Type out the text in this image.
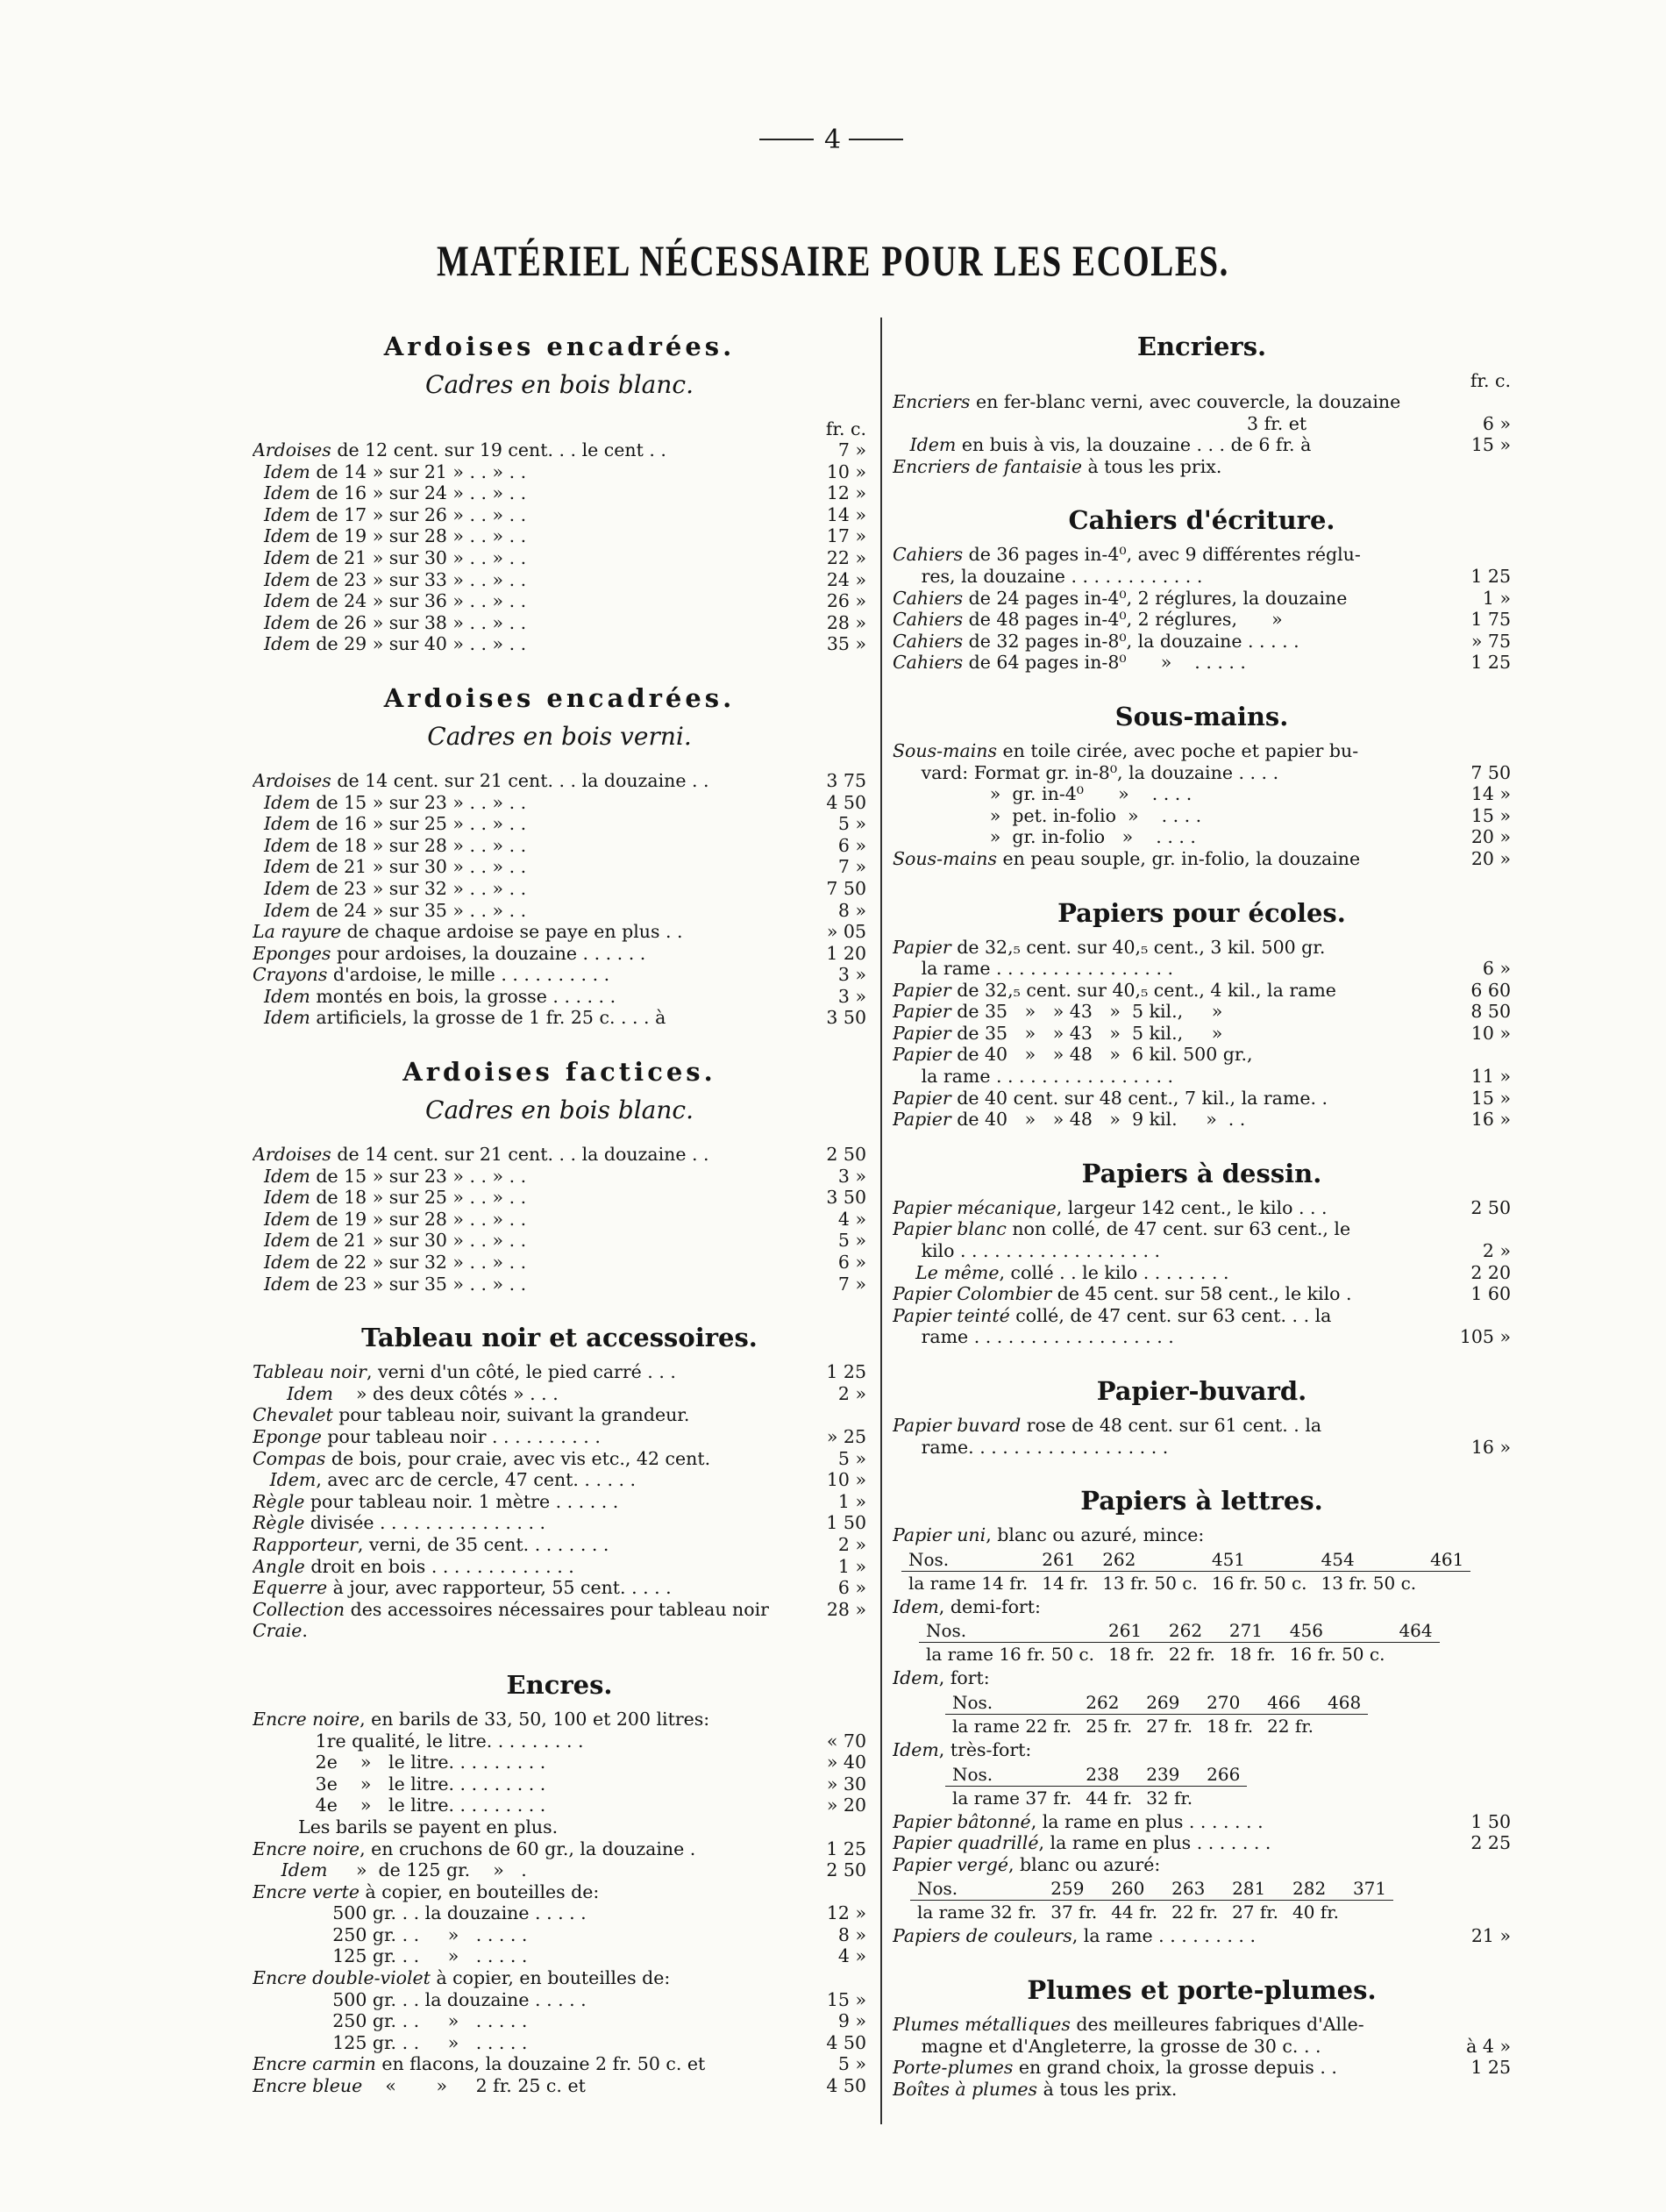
4
MATÉRIEL NÉCESSAIRE POUR LES ECOLES.
Ardoises encadrées.
Cadres en bois blanc.
fr. c.
Ardoises de 12 cent. sur 19 cent. . . le cent . .	7 »
Idem de 14 » sur 21 » . . » . .	10 »
Idem de 16 » sur 24 » . . » . .	12 »
Idem de 17 » sur 26 » . . » . .	14 »
Idem de 19 » sur 28 » . . » . .	17 »
Idem de 21 » sur 30 » . . » . .	22 »
Idem de 23 » sur 33 » . . » . .	24 »
Idem de 24 » sur 36 » . . » . .	26 »
Idem de 26 » sur 38 » . . » . .	28 »
Idem de 29 » sur 40 » . . » . .	35 »
Ardoises encadrées.
Cadres en bois verni.
Ardoises de 14 cent. sur 21 cent. . . la douzaine . .	3 75
Idem de 15 » sur 23 » . . » . .	4 50
Idem de 16 » sur 25 » . . » . .	5 »
Idem de 18 » sur 28 » . . » . .	6 »
Idem de 21 » sur 30 » . . » . .	7 »
Idem de 23 » sur 32 » . . » . .	7 50
Idem de 24 » sur 35 » . . » . .	8 »
La rayure de chaque ardoise se paye en plus . .	» 05
Eponges pour ardoises, la douzaine . . . . . .	1 20
Crayons d'ardoise, le mille . . . . . . . . . .	3 »
Idem montés en bois, la grosse . . . . . .	3 »
Idem artificiels, la grosse de 1 fr. 25 c. . . . à	3 50
Ardoises factices.
Cadres en bois blanc.
Ardoises de 14 cent. sur 21 cent. . . la douzaine . .	2 50
Idem de 15 » sur 23 » . . » . .	3 »
Idem de 18 » sur 25 » . . » . .	3 50
Idem de 19 » sur 28 » . . » . .	4 »
Idem de 21 » sur 30 » . . » . .	5 »
Idem de 22 » sur 32 » . . » . .	6 »
Idem de 23 » sur 35 » . . » . .	7 »
Tableau noir et accessoires.
Tableau noir, verni d'un côté, le pied carré . . .	1 25
Idem    » des deux côtés » . . .	2 »
Chevalet pour tableau noir, suivant la grandeur.
Eponge pour tableau noir . . . . . . . . . .	» 25
Compas de bois, pour craie, avec vis etc., 42 cent.	5 »
Idem, avec arc de cercle, 47 cent. . . . . .	10 »
Règle pour tableau noir. 1 mètre . . . . . .	1 »
Règle divisée . . . . . . . . . . . . . . .	1 50
Rapporteur, verni, de 35 cent. . . . . . . .	2 »
Angle droit en bois . . . . . . . . . . . . .	1 »
Equerre à jour, avec rapporteur, 55 cent. . . . .	6 »
Collection des accessoires nécessaires pour tableau noir	28 »
Craie.
Encres.
Encre noire, en barils de 33, 50, 100 et 200 litres:
1re qualité, le litre. . . . . . . . .	« 70
2e    »   le litre. . . . . . . . .	» 40
3e    »   le litre. . . . . . . . .	» 30
4e    »   le litre. . . . . . . . .	» 20
Les barils se payent en plus.
Encre noire, en cruchons de 60 gr., la douzaine .	1 25
Idem     »  de 125 gr.    »   .	2 50
Encre verte à copier, en bouteilles de:
500 gr. . . la douzaine . . . . .	12 »
250 gr. . .     »   . . . . .	8 »
125 gr. . .     »   . . . . .	4 »
Encre double-violet à copier, en bouteilles de:
500 gr. . . la douzaine . . . . .	15 »
250 gr. . .     »   . . . . .	9 »
125 gr. . .     »   . . . . .	4 50
Encre carmin en flacons, la douzaine 2 fr. 50 c. et	5 »
Encre bleue    «       »     2 fr. 25 c. et	4 50
Encriers.
fr. c.
Encriers en fer-blanc verni, avec couvercle, la douzaine
3 fr. et	6 »
Idem en buis à vis, la douzaine . . . de 6 fr. à	15 »
Encriers de fantaisie à tous les prix.
Cahiers d'écriture.
Cahiers de 36 pages in-4⁰, avec 9 différentes réglu-
res, la douzaine . . . . . . . . . . . .	1 25
Cahiers de 24 pages in-4⁰, 2 réglures, la douzaine	1 »
Cahiers de 48 pages in-4⁰, 2 réglures,      »	1 75
Cahiers de 32 pages in-8⁰, la douzaine . . . . .	» 75
Cahiers de 64 pages in-8⁰      »    . . . . .	1 25
Sous-mains.
Sous-mains en toile cirée, avec poche et papier bu-
vard: Format gr. in-8⁰, la douzaine . . . .	7 50
»  gr. in-4⁰      »    . . . .	14 »
»  pet. in-folio  »    . . . .	15 »
»  gr. in-folio   »    . . . .	20 »
Sous-mains en peau souple, gr. in-folio, la douzaine	20 »
Papiers pour écoles.
Papier de 32,₅ cent. sur 40,₅ cent., 3 kil. 500 gr.
la rame . . . . . . . . . . . . . . . .	6 »
Papier de 32,₅ cent. sur 40,₅ cent., 4 kil., la rame	6 60
Papier de 35   »   » 43   »  5 kil.,     »	8 50
Papier de 35   »   » 43   »  5 kil.,     »	10 »
Papier de 40   »   » 48   »  6 kil. 500 gr.,
la rame . . . . . . . . . . . . . . . .	11 »
Papier de 40 cent. sur 48 cent., 7 kil., la rame. .	15 »
Papier de 40   »   » 48   »  9 kil.     »  . .	16 »
Papiers à dessin.
Papier mécanique, largeur 142 cent., le kilo . . .	2 50
Papier blanc non collé, de 47 cent. sur 63 cent., le
kilo . . . . . . . . . . . . . . . . . .	2 »
Le même, collé . . le kilo . . . . . . . .	2 20
Papier Colombier de 45 cent. sur 58 cent., le kilo .	1 60
Papier teinté collé, de 47 cent. sur 63 cent. . . la
rame . . . . . . . . . . . . . . . . . .	105 »
Papier-buvard.
Papier buvard rose de 48 cent. sur 61 cent. . la
rame. . . . . . . . . . . . . . . . . .	16 »
Papiers à lettres.
Papier uni, blanc ou azuré, mince:
Nos.	261	262	451	454	461
la rame 14 fr.	14 fr.	13 fr. 50 c.	16 fr. 50 c.	13 fr. 50 c.	
Idem, demi-fort:
Nos.	261	262	271	456	464
la rame 16 fr. 50 c.	18 fr.	22 fr.	18 fr.	16 fr. 50 c.	
Idem, fort:
Nos.	262	269	270	466	468
la rame 22 fr.	25 fr.	27 fr.	18 fr.	22 fr.	
Idem, très-fort:
Nos.	238	239	266
la rame 37 fr.	44 fr.	32 fr.	
Papier bâtonné, la rame en plus . . . . . . .	1 50
Papier quadrillé, la rame en plus . . . . . . .	2 25
Papier vergé, blanc ou azuré:
Nos.	259	260	263	281	282	371
la rame 32 fr.	37 fr.	44 fr.	22 fr.	27 fr.	40 fr.	
Papiers de couleurs, la rame . . . . . . . . .	21 »
Plumes et porte-plumes.
Plumes métalliques des meilleures fabriques d'Alle-
magne et d'Angleterre, la grosse de 30 c. . .	à 4 »
Porte-plumes en grand choix, la grosse depuis . .	1 25
Boîtes à plumes à tous les prix.
